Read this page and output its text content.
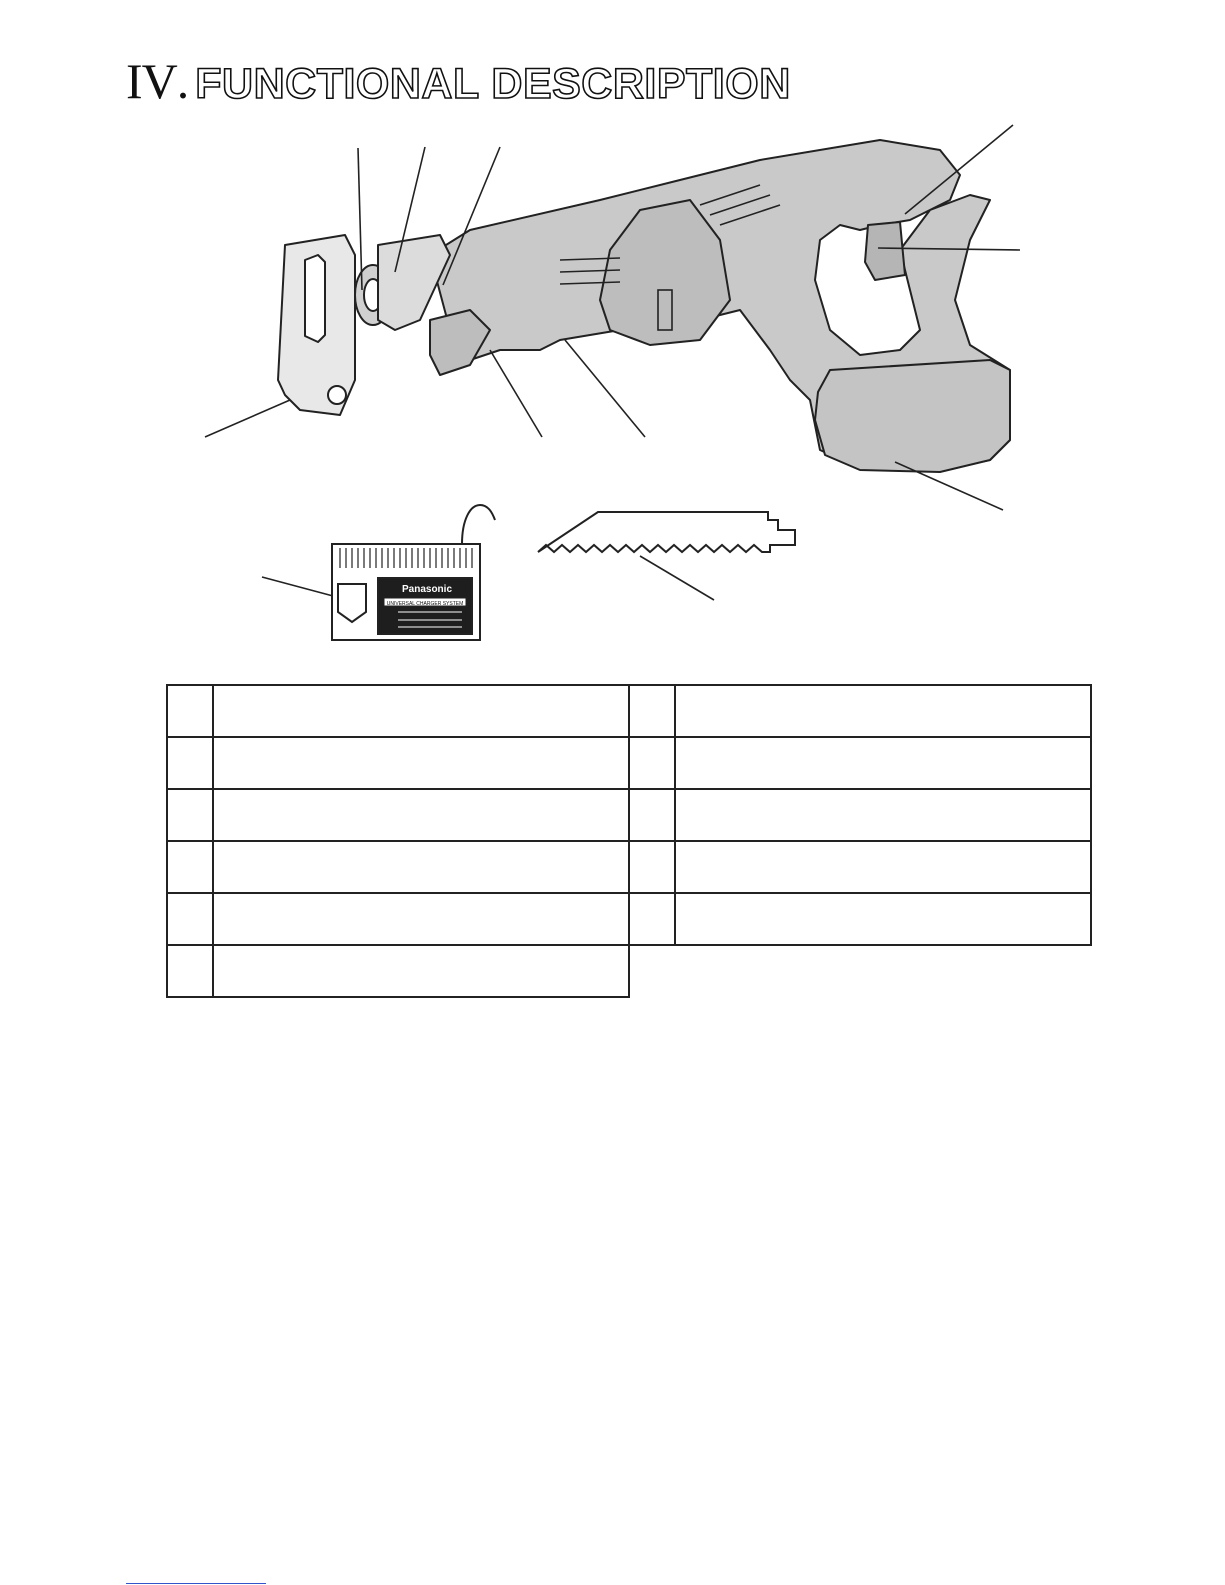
IV . FUNCTIONAL DESCRIPTION
Panasonic
UNIVERSAL CHARGER SYSTEM
